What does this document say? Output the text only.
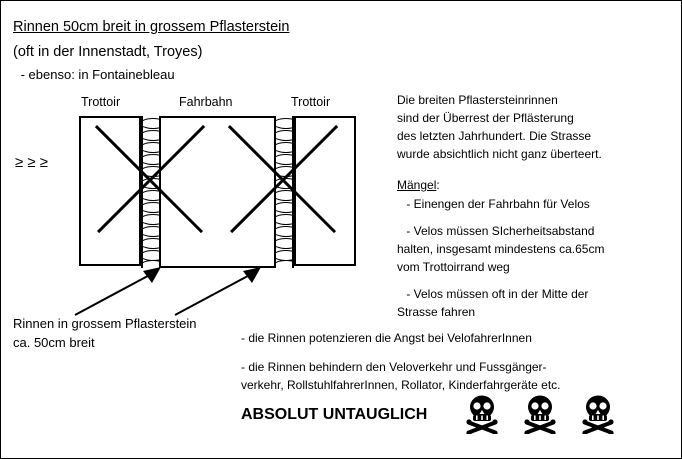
Rinnen 50cm breit in grossem Pflasterstein
(oft in der Innenstadt, Troyes)
- ebenso: in Fontainebleau
≥ ≥ ≥
Trottoir	Fahrbahn	Trottoir
Rinnen in grossem Pflasterstein
ca. 50cm breit
Die breiten Pflastersteinrinnen
sind der Überrest der Pflästerung
des letzten Jahrhundert. Die Strasse
wurde absichtlich nicht ganz überteert.
Mängel:
- Einengen der Fahrbahn für Velos
- Velos müssen SIcherheitsabstand
halten, insgesamt mindestens ca.65cm
vom Trottoirrand weg
- Velos müssen oft in der Mitte der
Strasse fahren
- die Rinnen potenzieren die Angst bei VelofahrerInnen
- die Rinnen behindern den Veloverkehr und Fussgänger-
verkehr, RollstuhlfahrerInnen, Rollator, Kinderfahrgeräte etc.
ABSOLUT UNTAUGLICH
